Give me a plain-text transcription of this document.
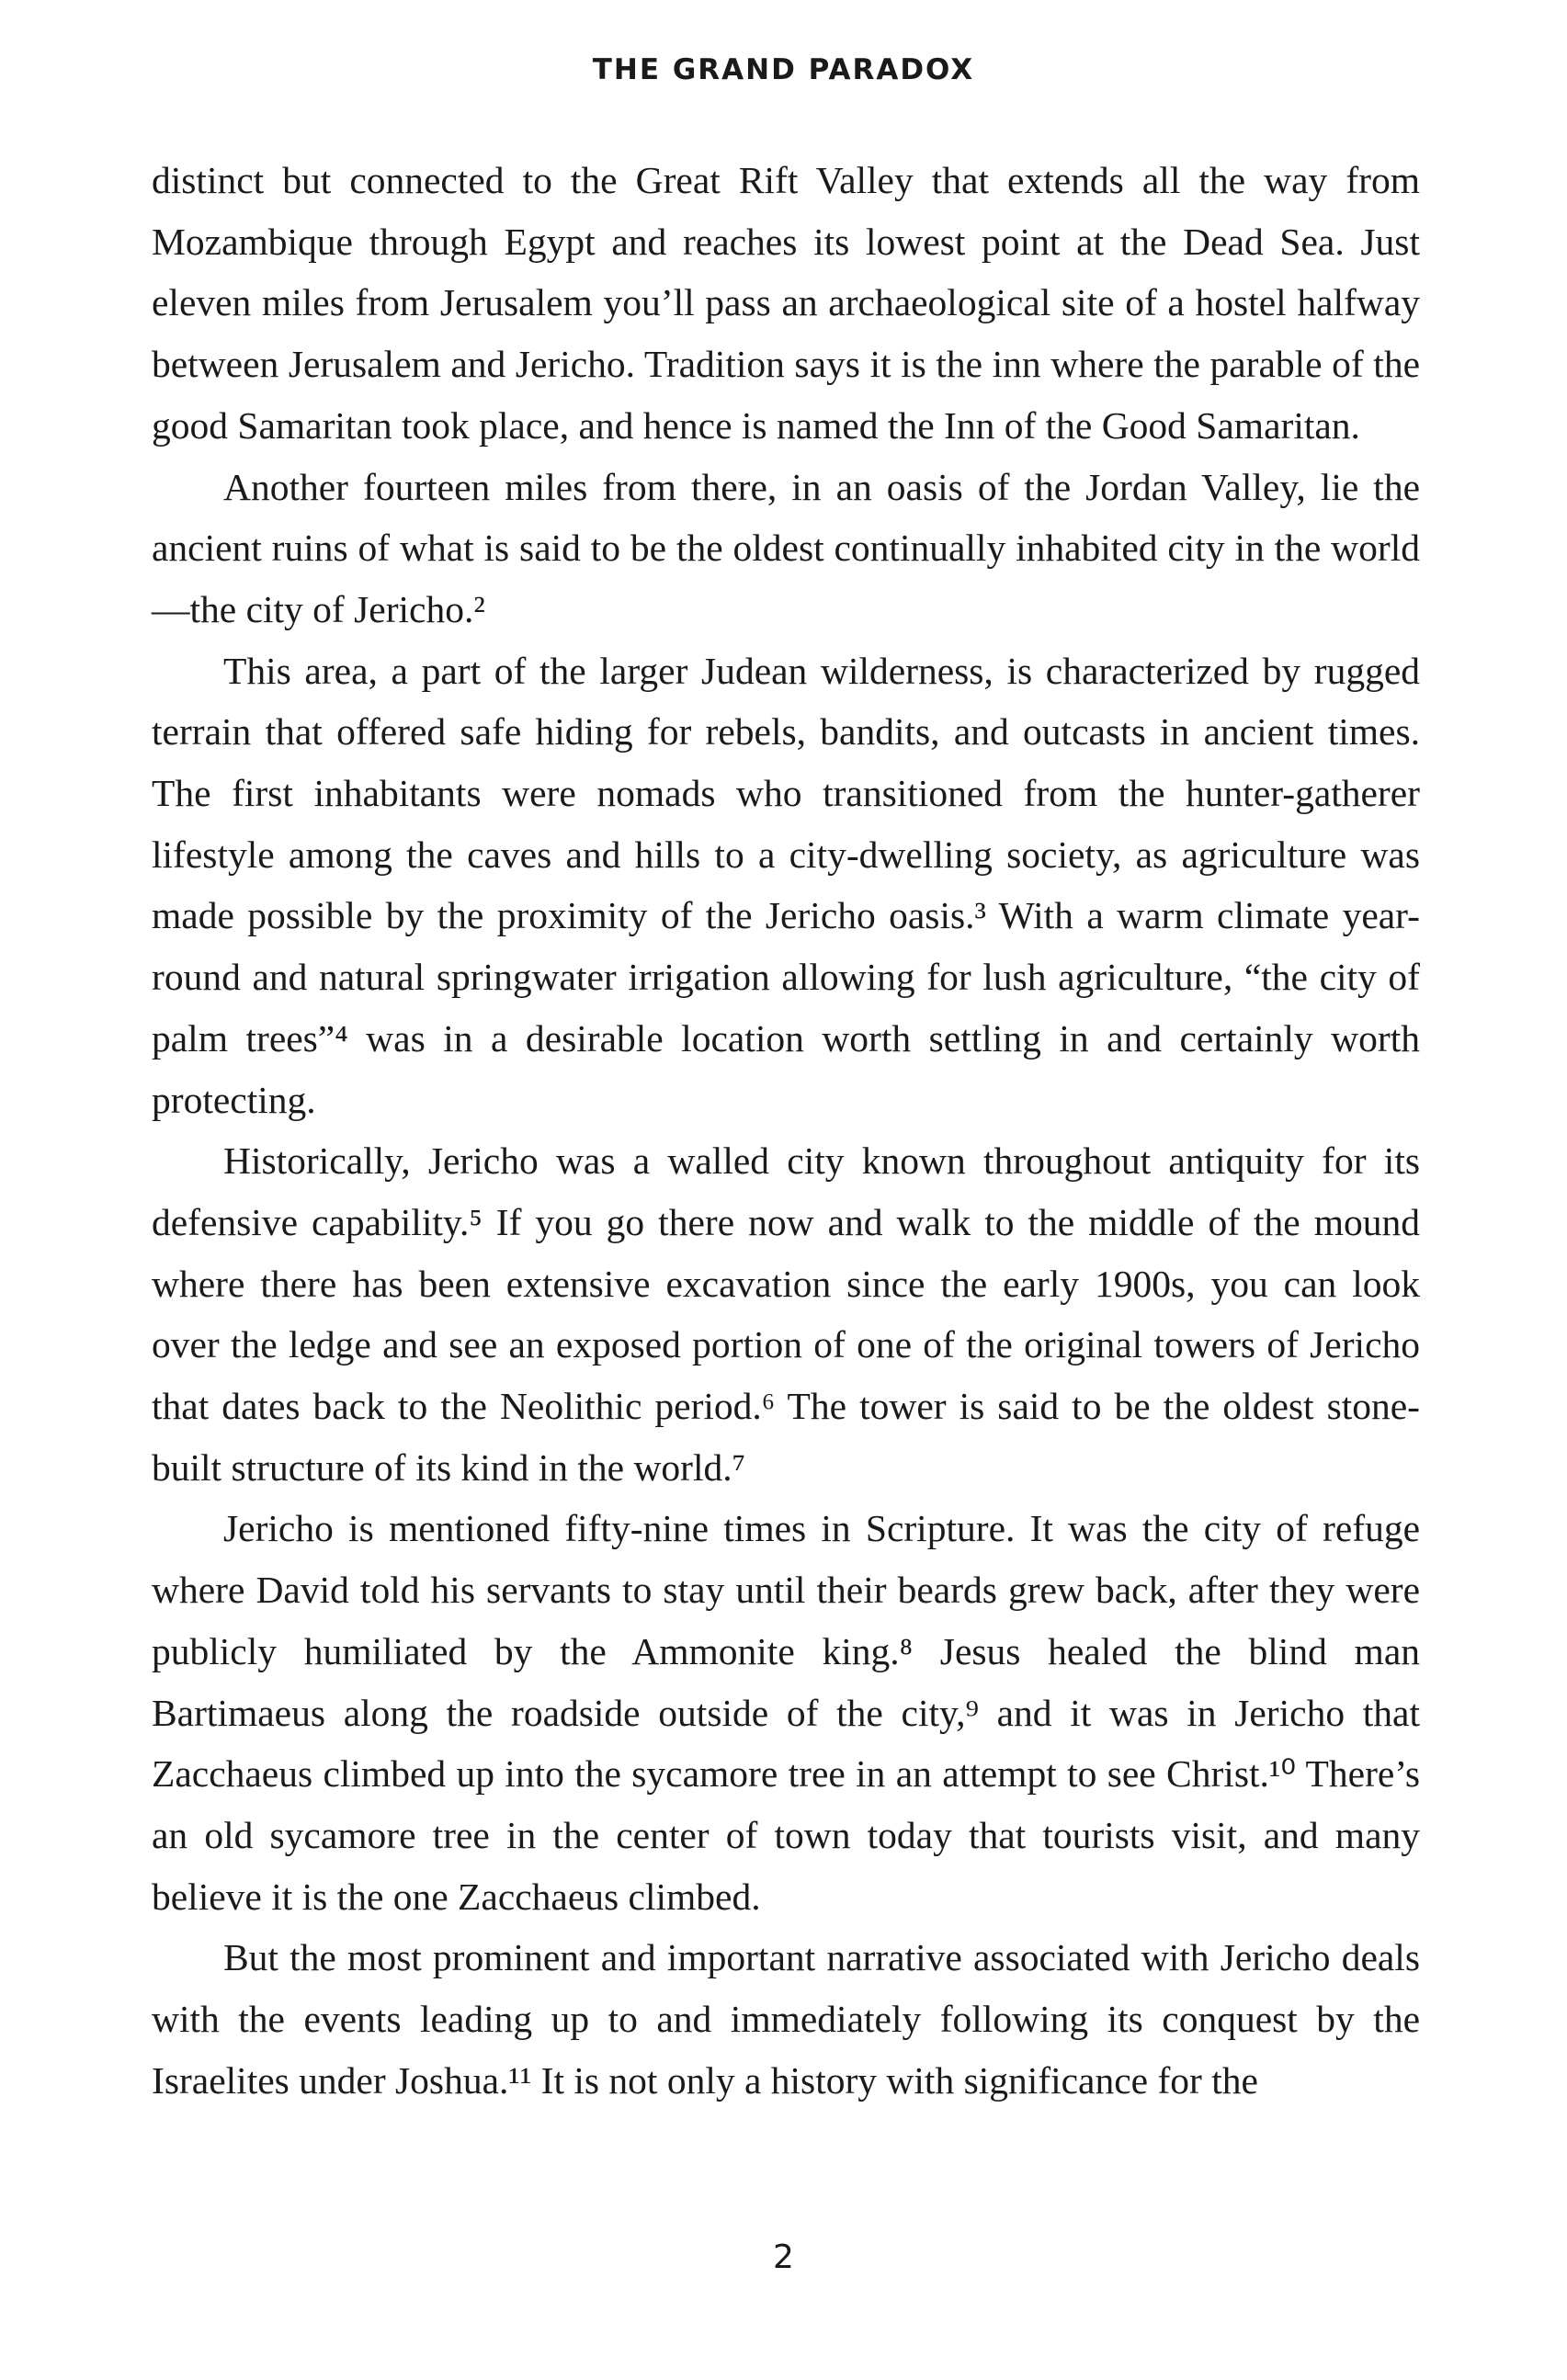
THE GRAND PARADOX

distinct but connected to the Great Rift Valley that extends all the way from Mozambique through Egypt and reaches its lowest point at the Dead Sea. Just eleven miles from Jerusalem you’ll pass an archaeological site of a hostel halfway between Jerusalem and Jericho. Tradition says it is the inn where the parable of the good Samaritan took place, and hence is named the Inn of the Good Samaritan.

Another fourteen miles from there, in an oasis of the Jordan Valley, lie the ancient ruins of what is said to be the oldest continually inhabited city in the world—the city of Jericho.²

This area, a part of the larger Judean wilderness, is characterized by rugged terrain that offered safe hiding for rebels, bandits, and outcasts in ancient times. The first inhabitants were nomads who transitioned from the hunter-gatherer lifestyle among the caves and hills to a city-dwelling society, as agriculture was made possible by the proximity of the Jericho oasis.³ With a warm climate year-round and natural springwater irrigation allowing for lush agriculture, “the city of palm trees”⁴ was in a desirable location worth settling in and certainly worth protecting.

Historically, Jericho was a walled city known throughout antiquity for its defensive capability.⁵ If you go there now and walk to the middle of the mound where there has been extensive excavation since the early 1900s, you can look over the ledge and see an exposed portion of one of the original towers of Jericho that dates back to the Neolithic period.⁶ The tower is said to be the oldest stone-built structure of its kind in the world.⁷

Jericho is mentioned fifty-nine times in Scripture. It was the city of refuge where David told his servants to stay until their beards grew back, after they were publicly humiliated by the Ammonite king.⁸ Jesus healed the blind man Bartimaeus along the roadside outside of the city,⁹ and it was in Jericho that Zacchaeus climbed up into the sycamore tree in an attempt to see Christ.¹⁰ There’s an old sycamore tree in the center of town today that tourists visit, and many believe it is the one Zacchaeus climbed.

But the most prominent and important narrative associated with Jericho deals with the events leading up to and immediately following its conquest by the Israelites under Joshua.¹¹ It is not only a history with significance for the

2
